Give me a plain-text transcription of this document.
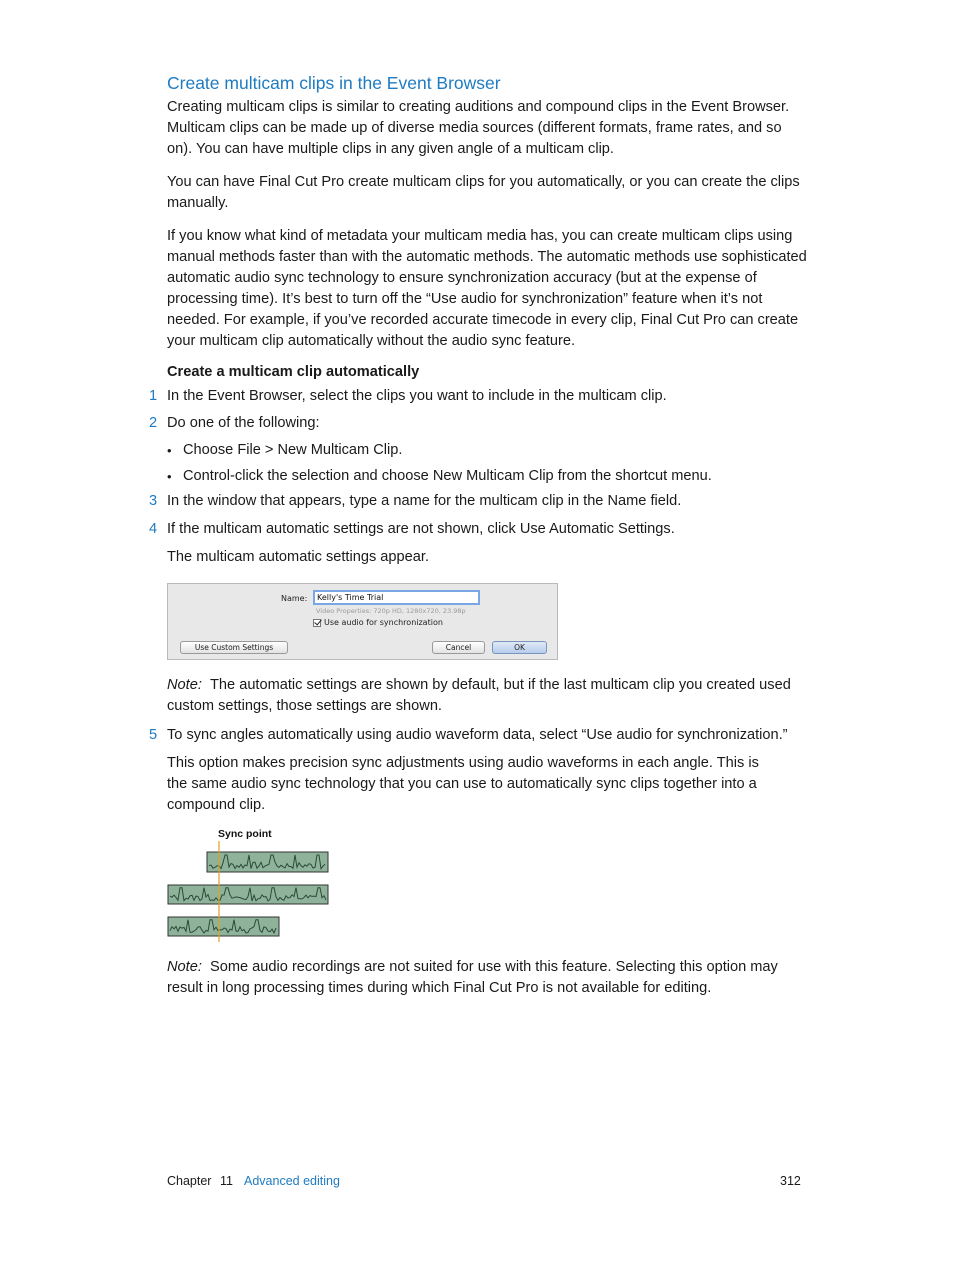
Create multicam clips in the Event Browser

Creating multicam clips is similar to creating auditions and compound clips in the Event Browser. Multicam clips can be made up of diverse media sources (different formats, frame rates, and so on). You can have multiple clips in any given angle of a multicam clip.

You can have Final Cut Pro create multicam clips for you automatically, or you can create the clips manually.

If you know what kind of metadata your multicam media has, you can create multicam clips using manual methods faster than with the automatic methods. The automatic methods use sophisticated automatic audio sync technology to ensure synchronization accuracy (but at the expense of processing time). It’s best to turn off the “Use audio for synchronization” feature when it’s not needed. For example, if you’ve recorded accurate timecode in every clip, Final Cut Pro can create your multicam clip automatically without the audio sync feature.

Create a multicam clip automatically

1 In the Event Browser, select the clips you want to include in the multicam clip.
2 Do one of the following:
• Choose File > New Multicam Clip.
• Control-click the selection and choose New Multicam Clip from the shortcut menu.
3 In the window that appears, type a name for the multicam clip in the Name field.
4 If the multicam automatic settings are not shown, click Use Automatic Settings.
The multicam automatic settings appear.
Name:
Kelly's Time Trial
Video Properties: 720p HD, 1280x720, 23.98p
Use audio for synchronization
Use Custom Settings	Cancel	OK

Note: The automatic settings are shown by default, but if the last multicam clip you created used custom settings, those settings are shown.

5 To sync angles automatically using audio waveform data, select “Use audio for synchronization.”

This option makes precision sync adjustments using audio waveforms in each angle. This is the same audio sync technology that you can use to automatically sync clips together into a compound clip.

Sync point

Note: Some audio recordings are not suited for use with this feature. Selecting this option may result in long processing times during which Final Cut Pro is not available for editing.

Chapter 11 Advanced editing	312
